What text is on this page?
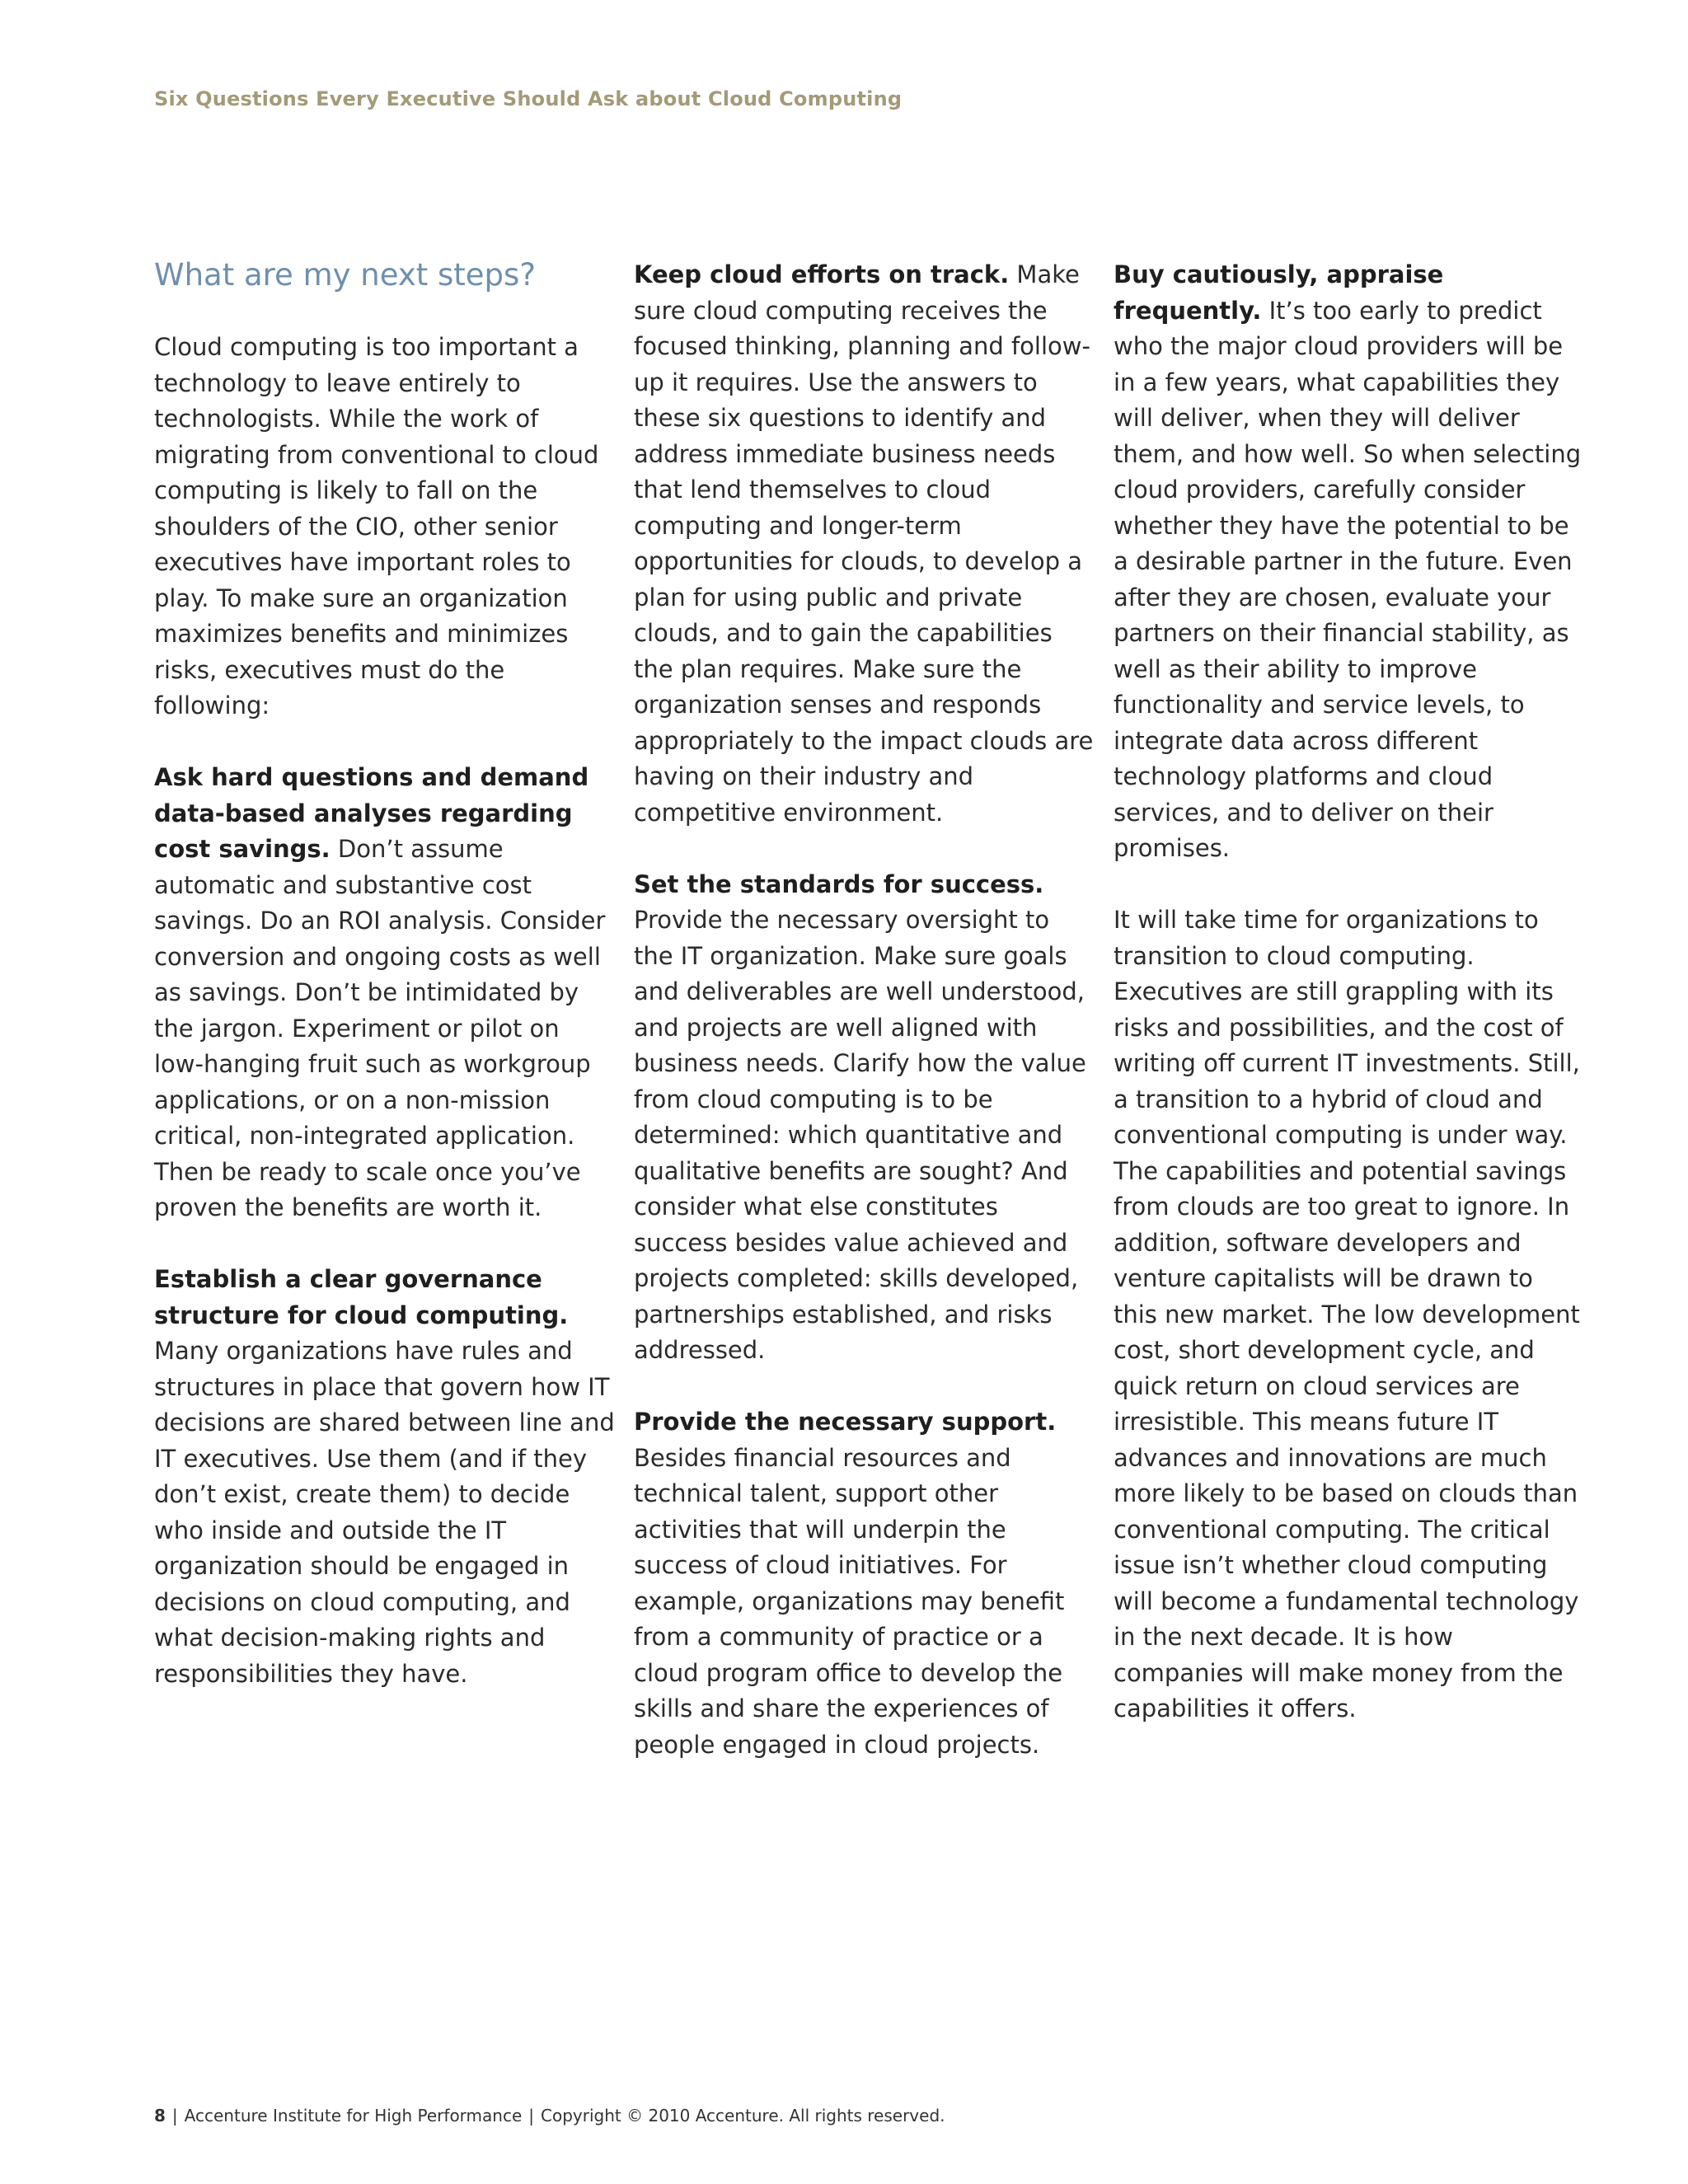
Six Questions Every Executive Should Ask about Cloud Computing
What are my next steps?

Cloud computing is too important a technology to leave entirely to technologists. While the work of migrating from conventional to cloud computing is likely to fall on the shoulders of the CIO, other senior executives have important roles to play. To make sure an organization maximizes benefits and minimizes risks, executives must do the following:

Ask hard questions and demand data-based analyses regarding cost savings. Don’t assume automatic and substantive cost savings. Do an ROI analysis. Consider conversion and ongoing costs as well as savings. Don’t be intimidated by the jargon. Experiment or pilot on low-hanging fruit such as workgroup applications, or on a non-mission critical, non-integrated application. Then be ready to scale once you’ve proven the benefits are worth it.

Establish a clear governance structure for cloud computing. Many organizations have rules and structures in place that govern how IT decisions are shared between line and IT executives. Use them (and if they don’t exist, create them) to decide who inside and outside the IT organization should be engaged in decisions on cloud computing, and what decision-making rights and responsibilities they have.

Keep cloud efforts on track. Make sure cloud computing receives the focused thinking, planning and follow-up it requires. Use the answers to these six questions to identify and address immediate business needs that lend themselves to cloud computing and longer-term opportunities for clouds, to develop a plan for using public and private clouds, and to gain the capabilities the plan requires. Make sure the organization senses and responds appropriately to the impact clouds are having on their industry and competitive environment.

Set the standards for success. Provide the necessary oversight to the IT organization. Make sure goals and deliverables are well understood, and projects are well aligned with business needs. Clarify how the value from cloud computing is to be determined: which quantitative and qualitative benefits are sought? And consider what else constitutes success besides value achieved and projects completed: skills developed, partnerships established, and risks addressed.

Provide the necessary support. Besides financial resources and technical talent, support other activities that will underpin the success of cloud initiatives. For example, organizations may benefit from a community of practice or a cloud program office to develop the skills and share the experiences of people engaged in cloud projects.

Buy cautiously, appraise frequently. It’s too early to predict who the major cloud providers will be in a few years, what capabilities they will deliver, when they will deliver them, and how well. So when selecting cloud providers, carefully consider whether they have the potential to be a desirable partner in the future. Even after they are chosen, evaluate your partners on their financial stability, as well as their ability to improve functionality and service levels, to integrate data across different technology platforms and cloud services, and to deliver on their promises.

It will take time for organizations to transition to cloud computing. Executives are still grappling with its risks and possibilities, and the cost of writing off current IT investments. Still, a transition to a hybrid of cloud and conventional computing is under way. The capabilities and potential savings from clouds are too great to ignore. In addition, software developers and venture capitalists will be drawn to this new market. The low development cost, short development cycle, and quick return on cloud services are irresistible. This means future IT advances and innovations are much more likely to be based on clouds than conventional computing. The critical issue isn’t whether cloud computing will become a fundamental technology in the next decade. It is how companies will make money from the capabilities it offers.

8 | Accenture Institute for High Performance | Copyright © 2010 Accenture. All rights reserved.
